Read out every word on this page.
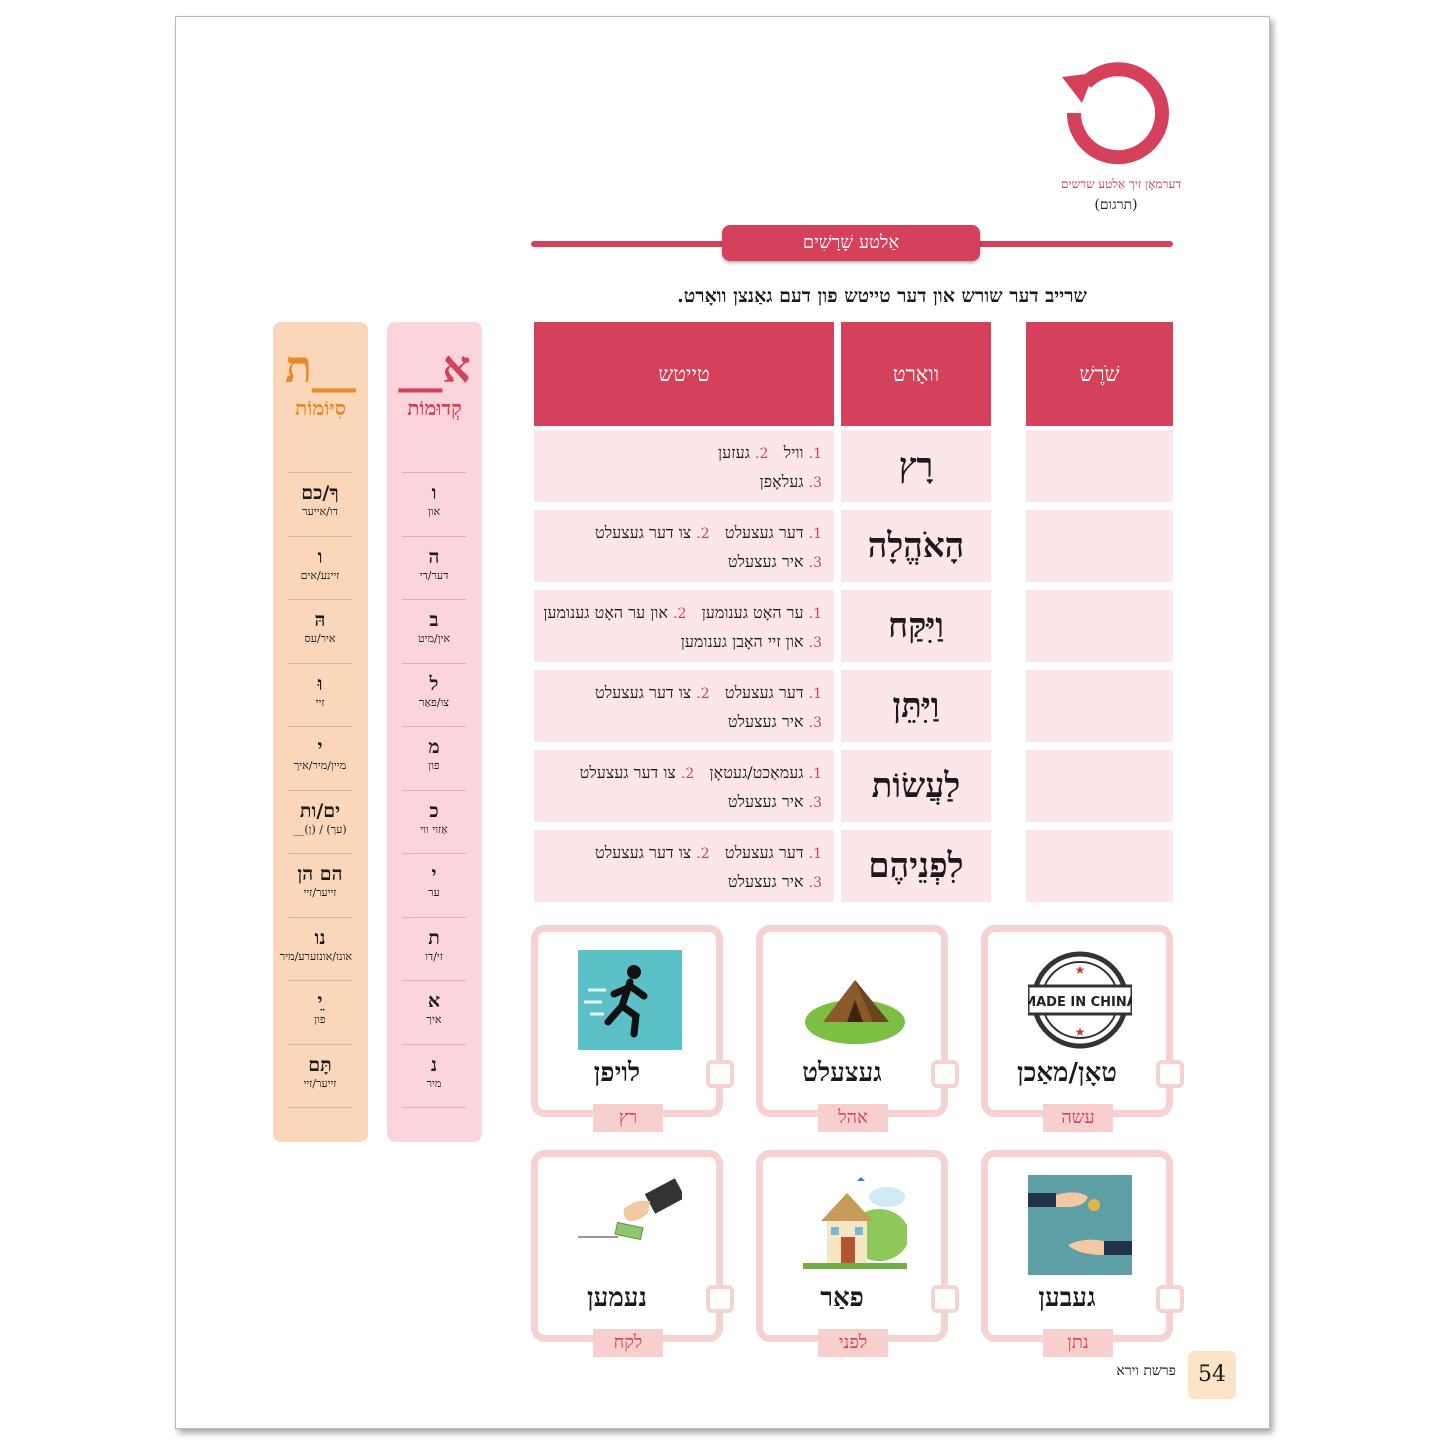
דערמאָן זיך אַלטע שרשים
(תרגום)
אַלטע שָׁרָשִׁים
שרייב דער שורש און דער טייטש פון דעם גאַנצן וואָרט.
שֹׁרֶשׁ
וואָרט
טייטש
רָץ
1. וויל   2. געזען
3. געלאָפן
הָאֹהֱלָה
1. דער געצעלט   2. צו דער געצעלט
3. איר געצעלט
וַיִּקַּח
1. ער האָט גענומען   2. און ער האָט גענומען
3. און זיי האָבן גענומען
וַיִּתֵּן
1. דער געצעלט   2. צו דער געצעלט
3. איר געצעלט
לַעֲשׂוֹת
1. געמאַכט/געטאָן   2. צו דער געצעלט
3. איר געצעלט
לִפְנֵיהֶם
1. דער געצעלט   2. צו דער געצעלט
3. איר געצעלט
א__
קְדוּמוֹת
ו
און
ה
דער/די
ב
אין/מיט
ל
צו/פאַר
מ
פון
כ
אַזוי ווי
י
ער
ת
זי/דו
א
איך
נ
מיר
__ת
סִיּוֹמוֹת
ךָ/כם
דו/אייער
ו
זיינע/אים
הּ
איר/עס
וּ
זיי
י
מיין/מיר/איך
ים/ות
(עך) / (ן)__
הם הן
זייער/זיי
נו
אונז/אונזערע/מיר
ֵי
פון
תָּם
זייער/זיי
MADE IN CHINA
★
★
טאָן/מאַכן
עשה
געצעלט
אהל
לויפן
רץ
געבען
נתן
פאַר
לפני
נעמען
לקח
פרשת וירא	54
